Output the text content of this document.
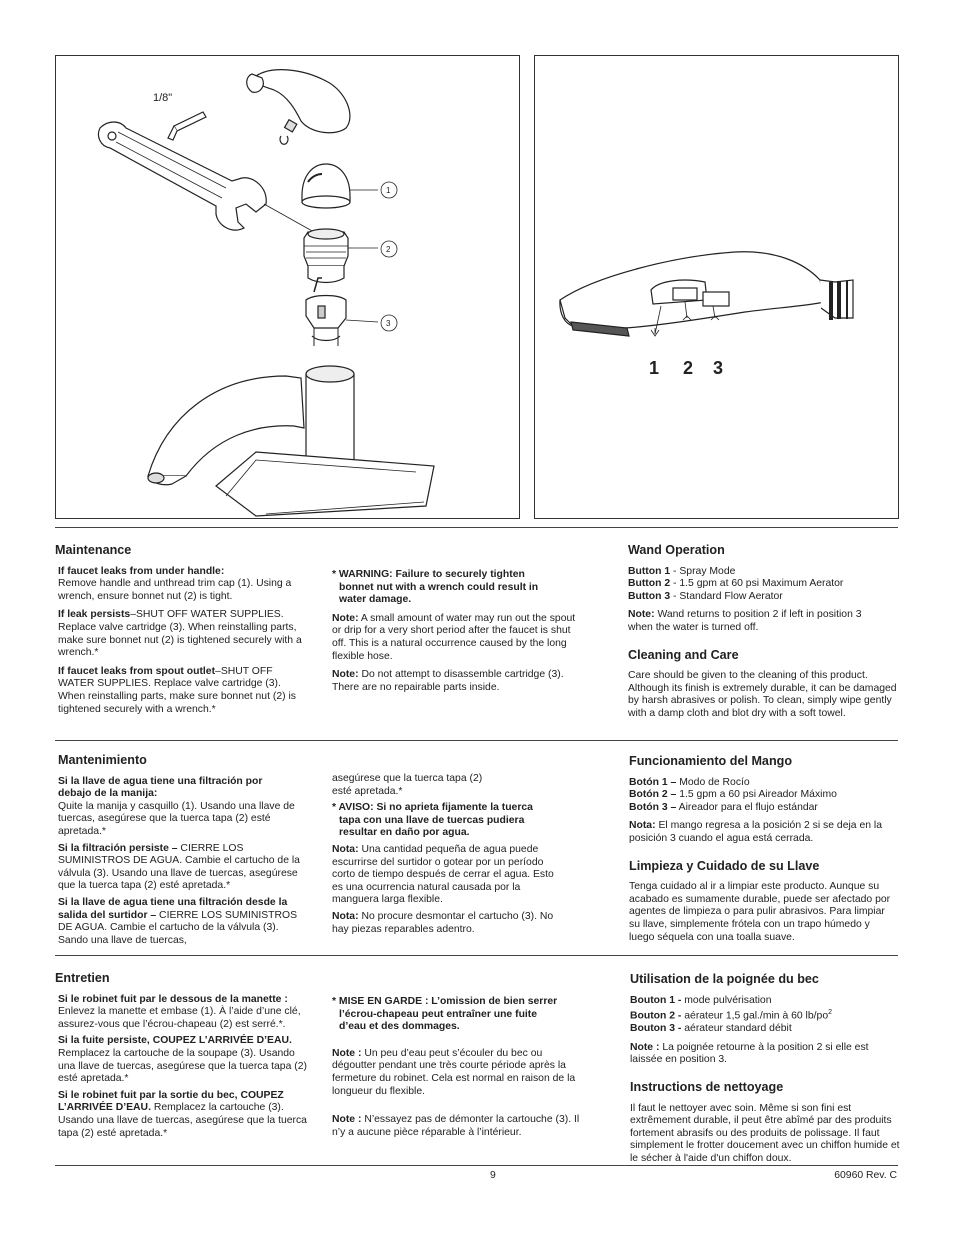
1/8"
1
2
3
1 2 3
Maintenance

If faucet leaks from under handle:
Remove handle and unthread trim cap (1). Using a wrench, ensure bonnet nut (2) is tight.

If leak persists–SHUT OFF WATER SUPPLIES. Replace valve cartridge (3). When reinstalling parts, make sure bonnet nut (2) is tightened securely with a wrench.*

If faucet leaks from spout outlet–SHUT OFF WATER SUPPLIES. Replace valve cartridge (3). When reinstalling parts, make sure bonnet nut (2) is tightened securely with a wrench.*

* WARNING: Failure to securely tighten bonnet nut with a wrench could result in water damage.

Note: A small amount of water may run out the spout or drip for a very short period after the faucet is shut off. This is a natural occurrence caused by the long flexible hose.

Note: Do not attempt to disassemble cartridge (3). There are no repairable parts inside.

Wand Operation

Button 1 - Spray Mode
Button 2 - 1.5 gpm at 60 psi Maximum Aerator
Button 3 - Standard Flow Aerator

Note: Wand returns to position 2 if left in position 3 when the water is turned off.

Cleaning and Care

Care should be given to the cleaning of this product. Although its finish is extremely durable, it can be damaged by harsh abrasives or polish. To clean, simply wipe gently with a damp cloth and blot dry with a soft towel.

Mantenimiento

Si la llave de agua tiene una filtración por debajo de la manija:
Quite la manija y casquillo (1). Usando una llave de tuercas, asegúrese que la tuerca tapa (2) esté apretada.*

Si la filtración persiste – CIERRE LOS SUMINISTROS DE AGUA. Cambie el cartucho de la válvula (3). Usando una llave de tuercas, asegúrese que la tuerca tapa (2) esté apretada.*

Si la llave de agua tiene una filtración desde la salida del surtidor – CIERRE LOS SUMINISTROS DE AGUA. Cambie el cartucho de la válvula (3). Sando una llave de tuercas,

asegúrese que la tuerca tapa (2) esté apretada.*

* AVISO: Si no aprieta fijamente la tuerca tapa con una llave de tuercas pudiera resultar en daño por agua.

Nota: Una cantidad pequeña de agua puede escurrirse del surtidor o gotear por un período corto de tiempo después de cerrar el agua. Esto es una ocurrencia natural causada por la manguera larga flexible.

Nota: No procure desmontar el cartucho (3). No hay piezas reparables adentro.

Funcionamiento del Mango

Botón 1 – Modo de Rocío
Botón 2 – 1.5 gpm a 60 psi Aireador Máximo
Botón 3 – Aireador para el flujo estándar

Nota: El mango regresa a la posición 2 si se deja en la posición 3 cuando el agua está cerrada.

Limpieza y Cuidado de su Llave

Tenga cuidado al ir a limpiar este producto. Aunque su acabado es sumamente durable, puede ser afectado por agentes de limpieza o para pulir abrasivos. Para limpiar su llave, simplemente frótela con un trapo húmedo y luego séquela con una toalla suave.

Entretien

Si le robinet fuit par le dessous de la manette :
Enlevez la manette et embase (1). À l’aide d’une clé, assurez-vous que l’écrou-chapeau (2) est serré.*.

Si la fuite persiste, COUPEZ L’ARRIVÉE D’EAU. Remplacez la cartouche de la soupape (3). Usando una llave de tuercas, asegúrese que la tuerca tapa (2) esté apretada.*

Si le robinet fuit par la sortie du bec, COUPEZ L’ARRIVÉE D’EAU. Remplacez la cartouche (3). Usando una llave de tuercas, asegúrese que la tuerca tapa (2) esté apretada.*

* MISE EN GARDE : L’omission de bien serrer l’écrou-chapeau peut entraîner une fuite d’eau et des dommages.

Note : Un peu d’eau peut s’écouler du bec ou dégoutter pendant une très courte période après la fermeture du robinet. Cela est normal en raison de la longueur du flexible.

Note : N’essayez pas de démonter la cartouche (3). Il n’y a aucune pièce réparable à l’intérieur.

Utilisation de la poignée du bec

Bouton 1 - mode pulvérisation
Bouton 2 - aérateur 1,5 gal./min à 60 $lb/po^2$
Bouton 3 - aérateur standard débit

Note : La poignée retourne à la position 2 si elle est laissée en position 3.

Instructions de nettoyage

Il faut le nettoyer avec soin. Même si son fini est extrêmement durable, il peut être abîmé par des produits fortement abrasifs ou des produits de polissage. Il faut simplement le frotter doucement avec un chiffon humide et le sécher à l'aide d'un chiffon doux.

9	60960 Rev. C
